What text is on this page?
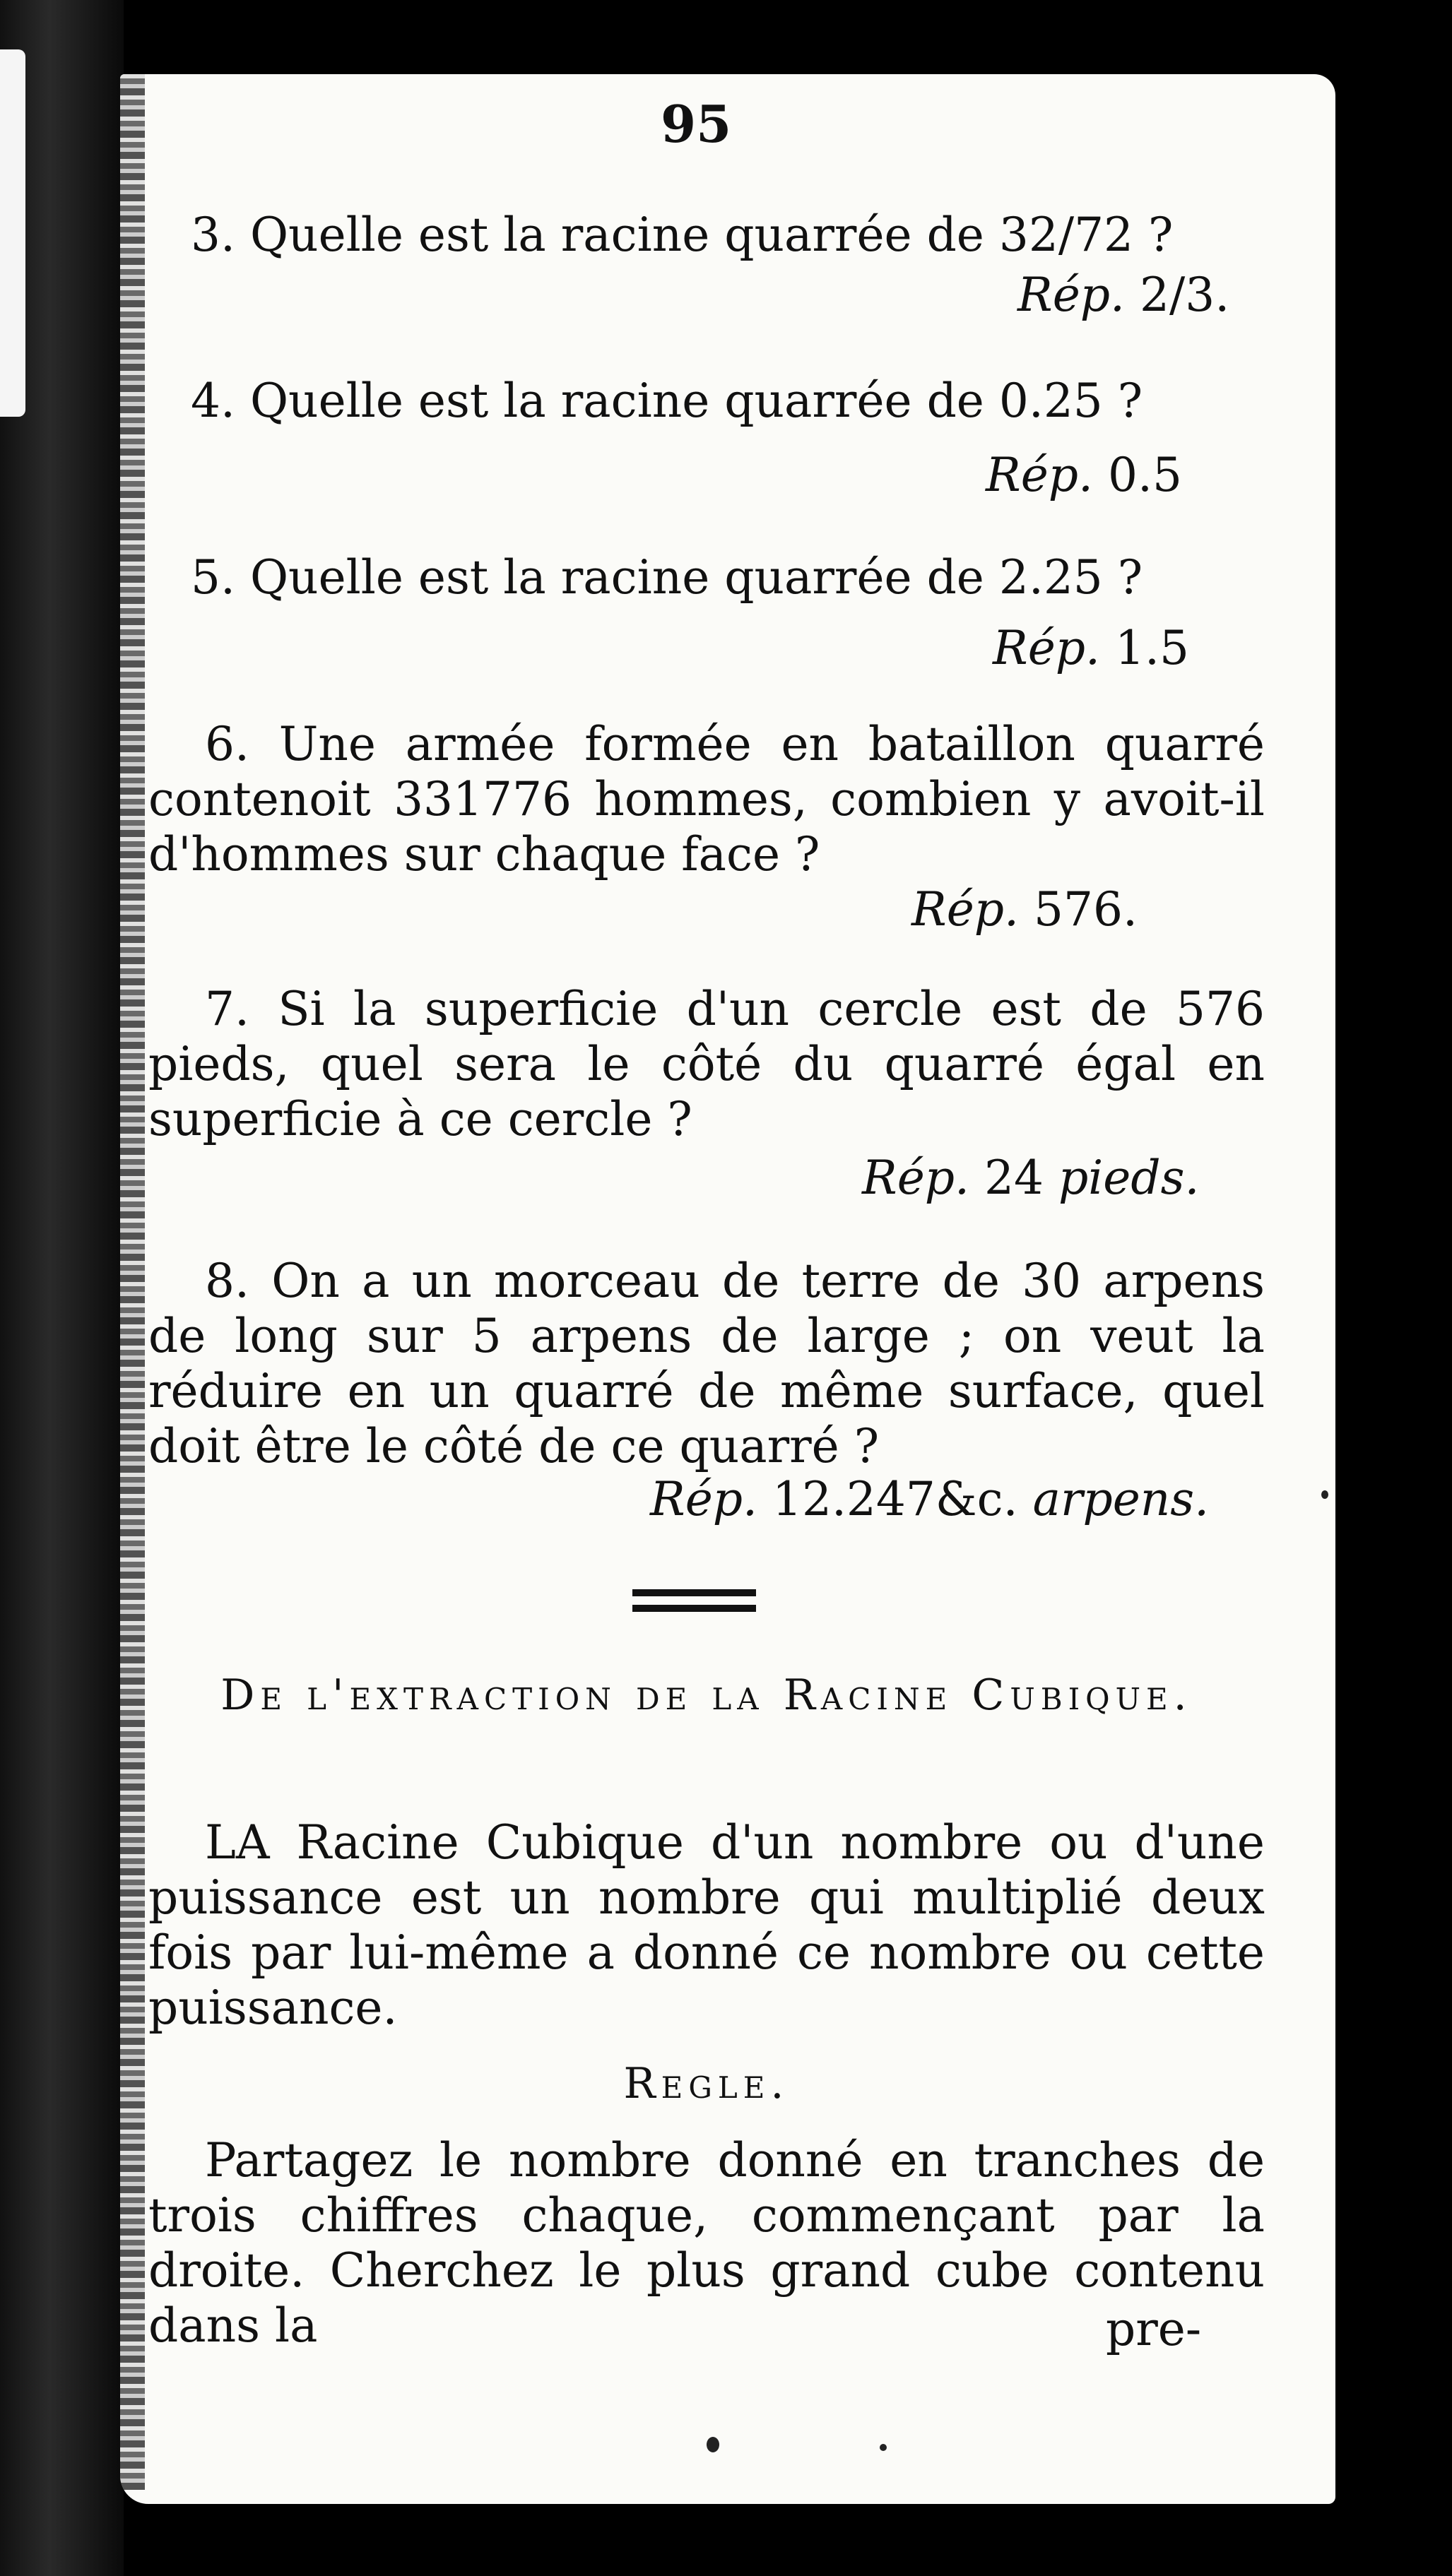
95
3. Quelle est la racine quarrée de 32/72 ?
Rép. 2/3.
4. Quelle est la racine quarrée de 0.25 ?
Rép. 0.5
5. Quelle est la racine quarrée de 2.25 ?
Rép. 1.5
6. Une armée formée en bataillon quarré contenoit 331776 hommes, combien y avoit-il d'hommes sur chaque face ?
Rép. 576.
7. Si la superficie d'un cercle est de 576 pieds, quel sera le côté du quarré égal en superficie à ce cercle ?
Rép. 24 pieds.
8. On a un morceau de terre de 30 arpens de long sur 5 arpens de large ; on veut la réduire en un quarré de même surface, quel doit être le côté de ce quarré ?
Rép. 12.247&c. arpens.
De l'extraction de la Racine Cubique.
LA Racine Cubique d'un nombre ou d'une puissance est un nombre qui multiplié deux fois par lui-même a donné ce nombre ou cette puissance.
Regle.
Partagez le nombre donné en tranches de trois chiffres chaque, commençant par la droite. Cherchez le plus grand cube contenu dans la	pre-
